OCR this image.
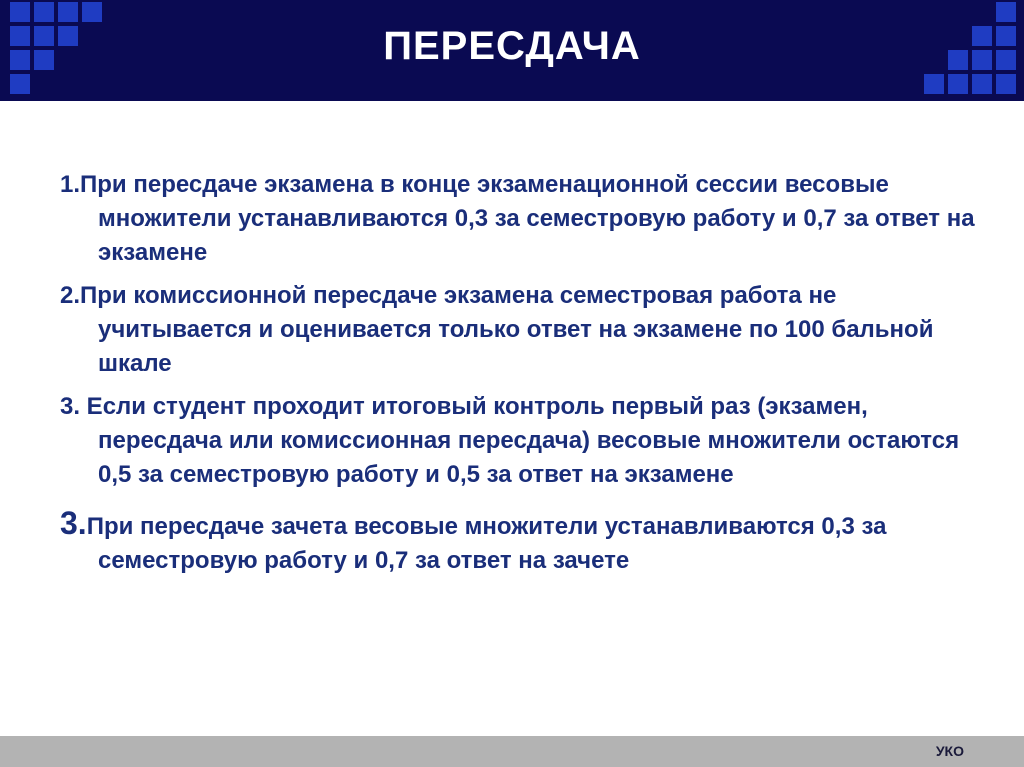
ПЕРЕСДАЧА

1.При пересдаче экзамена в конце экзаменационной сессии весовые множители устанавливаются 0,3 за семестровую работу и 0,7 за ответ на экзамене

2.При комиссионной пересдаче экзамена семестровая работа не учитывается и оценивается только ответ на экзамене по 100 бальной шкале

3. Если студент проходит итоговый контроль первый раз (экзамен, пересдача или комиссионная пересдача) весовые множители остаются 0,5 за семестровую работу и 0,5 за ответ на экзамене

3.При пересдаче зачета весовые множители устанавливаются 0,3 за семестровую работу и 0,7 за ответ на зачете

УКО
